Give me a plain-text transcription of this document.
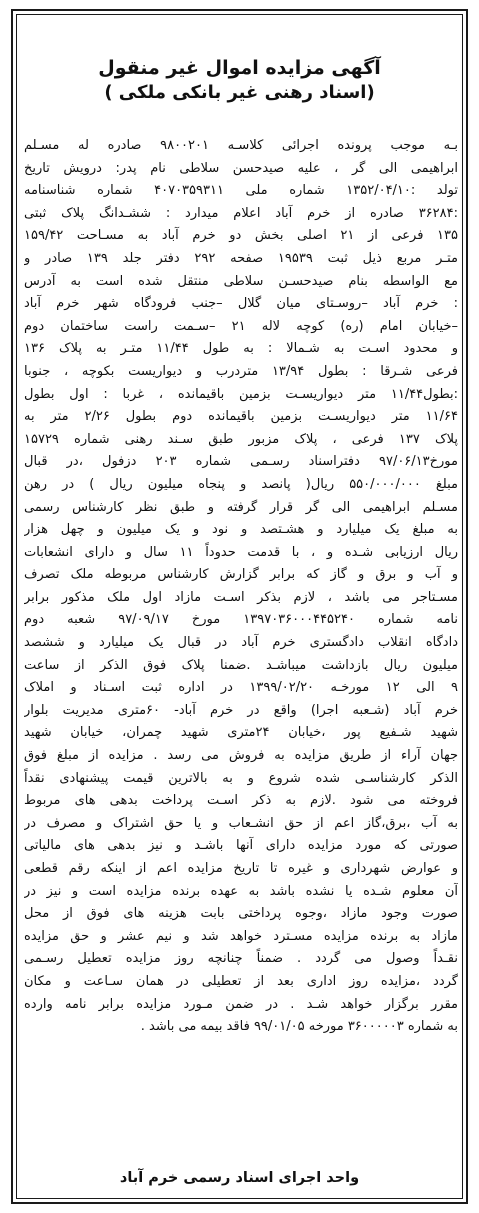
آگهی مزایده اموال غیر منقول
(اسناد رهنی غیر بانکی ملکی )
بـه موجب پرونده اجرائی کلاسـه ۹۸۰۰۲۰۱ صادره له مسـلم
ابراهیمی الی گر ، علیه صیدحسن سلاطی نام پدر: درویش تاریخ
تولد :۱۳۵۲/۰۴/۱۰ شماره ملی ۴۰۷۰۳۵۹۳۱۱ شماره شناسنامه
:۳۶۲۸۴ صادره از خرم آباد اعلام میدارد : ششـدانگ پلاک ثبتی
۱۳۵ فرعی از ۲۱ اصلی بخش دو خرم آباد به مسـاحت ۱۵۹/۴۲
متـر مربع ذیل ثبت ۱۹۵۳۹ صفحه ۲۹۲ دفتر جلد ۱۳۹ صادر و
مع الواسطه بنام صیدحسـن سلاطی منتقل شده است به آدرس
: خرم آباد –روسـتای میان گلال –جنب فرودگاه شهر خرم آباد
–خیابان امام (ره) کوچه لاله ۲۱ –سـمت راست ساختمان دوم
و محدود اسـت به شـمالا : به طول ۱۱/۴۴ متـر به پلاک ۱۳۶
فرعی شـرقا : بطول ۱۳/۹۴ متردرب و دیواریست بکوچه ، جنوبا
:بطول۱۱/۴۴ متر دیواریسـت بزمین باقیمانده ، غربا : اول بطول
۱۱/۶۴ متر دیواریسـت بزمین باقیمانده دوم بطول ۲/۲۶ متر به
پلاک ۱۳۷ فرعی ، پلاک مزبور طبق سـند رهنی شماره ۱۵۷۲۹
مورخ۹۷/۰۶/۱۳ دفتراسناد رسـمی شماره ۲۰۳ دزفول ،در قبال
مبلغ ۵۵۰/۰۰۰/۰۰۰ ریال( پانصد و پنجاه میلیون ریال ) در رهن
مسـلم ابراهیمی الی گر قرار گرفته و طبق نظر کارشناس رسمی
به مبلغ یک میلیارد و هشـتصد و نود و یک میلیون و چهل هزار
ریال ارزیابی شـده و ، با قدمت حدوداً ۱۱ سال و دارای انشعابات
و آب و برق و گاز که برابر گزارش کارشناس مربوطه ملک تصرف
مسـتاجر می باشد ، لازم بذکر اسـت مازاد اول ملک مذکور برابر
نامه شماره ۱۳۹۷۰۳۶۰۰۰۴۴۵۲۴۰ مورخ ۹۷/۰۹/۱۷ شعبه دوم
دادگاه انقلاب دادگستری خرم آباد در قبال یک میلیارد و ششصد
میلیون ریال بازداشت میباشـد .ضمنا پلاک فوق الذکر از ساعت
۹ الی ۱۲ مورخـه ۱۳۹۹/۰۲/۲۰ در اداره ثبت اسـناد و املاک
خرم آباد (شـعبه اجرا) واقع در خرم آباد- ۶۰متری مدیریت بلوار
شهید شـفیع پور ،خیابان ۲۴متری شهید چمران، خیابان شهید
جهان آراء از طریق مزایده به فروش می رسد . مزایده از مبلغ فوق
الذکر کارشناسـی شده شروع و به بالاترین قیمت پیشنهادی نقداً
فروخته می شود .لازم به ذکر اسـت پرداخت بدهی های مربوط
به آب ،برق،گاز اعم از حق انشـعاب و یا حق اشتراک و مصرف در
صورتی که مورد مزایده دارای آنها باشـد و نیز بدهی های مالیاتی
و عوارض شهرداری و غیره تا تاریخ مزایده اعم از اینکه رقم قطعی
آن معلوم شـده یا نشده باشد به عهده برنده مزایده است و نیز در
صورت وجود مازاد ،وجوه پرداختی بابت هزینه های فوق از محل
مازاد به برنده مزایده مسـترد خواهد شد و نیم عشر و حق مزایده
نقـداً وصول می گردد . ضمناً چنانچه روز مزایده تعطیل رسـمی
گردد ،مزایده روز اداری بعد از تعطیلی در همان سـاعت و مکان
مقرر برگزار خواهد شـد . در ضمن مـورد مزایده برابر نامه وارده
به شماره ۳۶۰۰۰۰۰۳ مورخه ۹۹/۰۱/۰۵ فاقد بیمه می باشد .
واحد اجرای اسناد رسمی خرم آباد
